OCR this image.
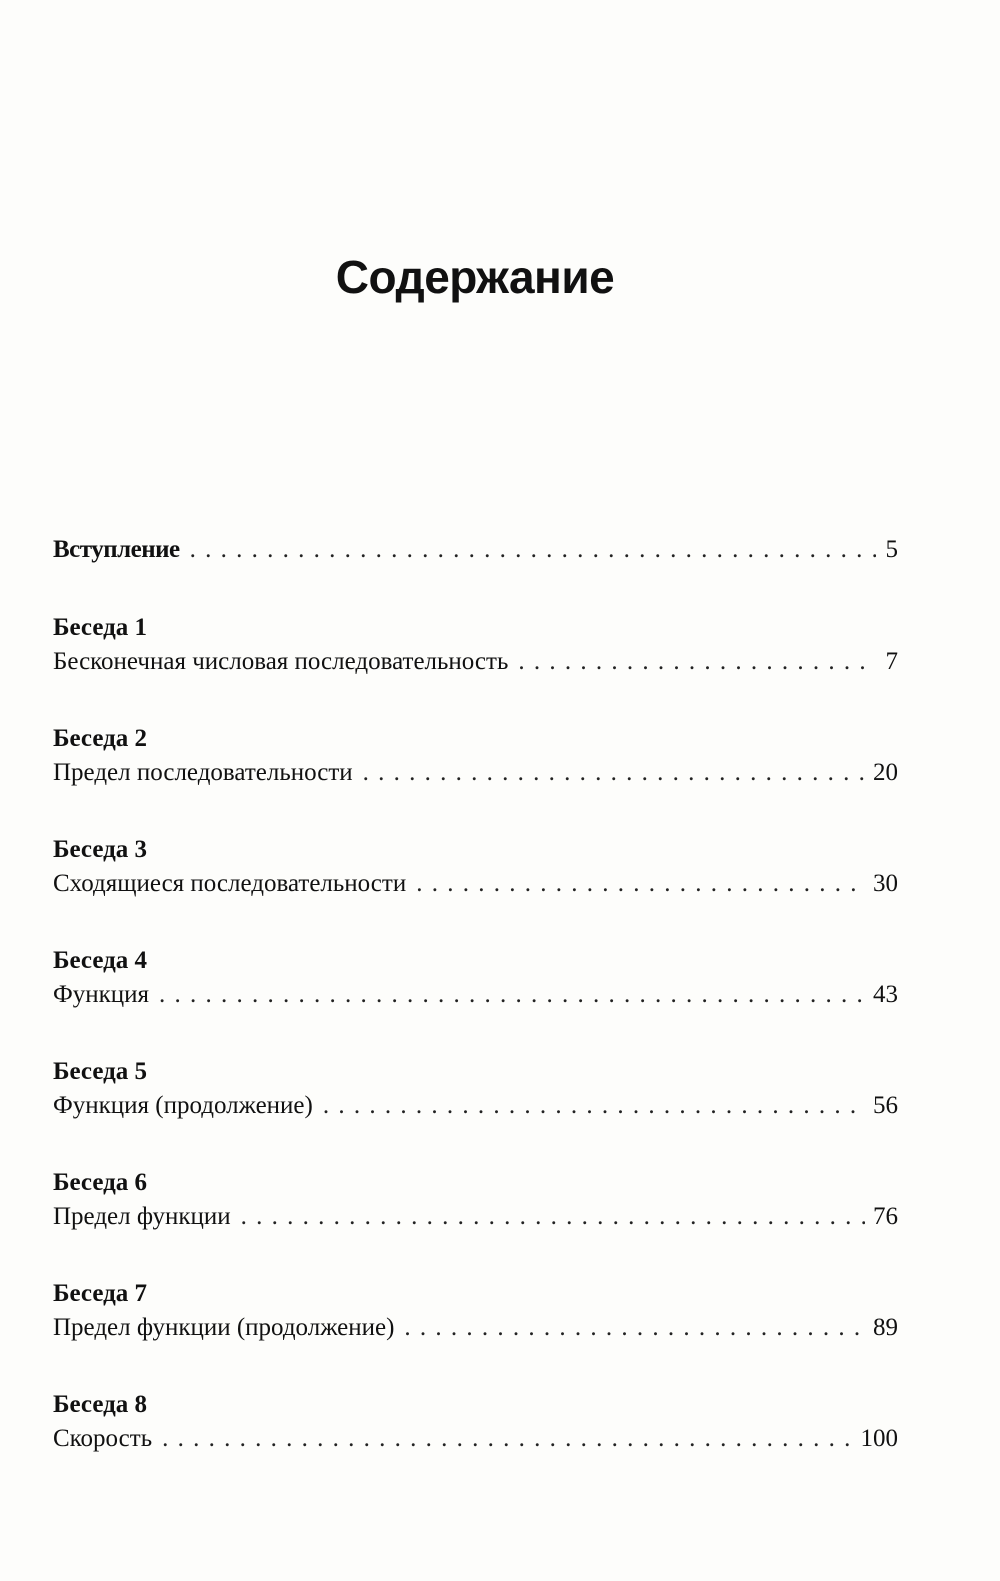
Содержание
Вступление . . .	5
Беседа 1
Бесконечная числовая последовательность . . .	7
Беседа 2
Предел последовательности . . .	20
Беседа 3
Сходящиеся последовательности . . .	30
Беседа 4
Функция . . .	43
Беседа 5
Функция (продолжение) . . .	56
Беседа 6
Предел функции . . .	76
Беседа 7
Предел функции (продолжение) . . .	89
Беседа 8
Скорость . . .	100
